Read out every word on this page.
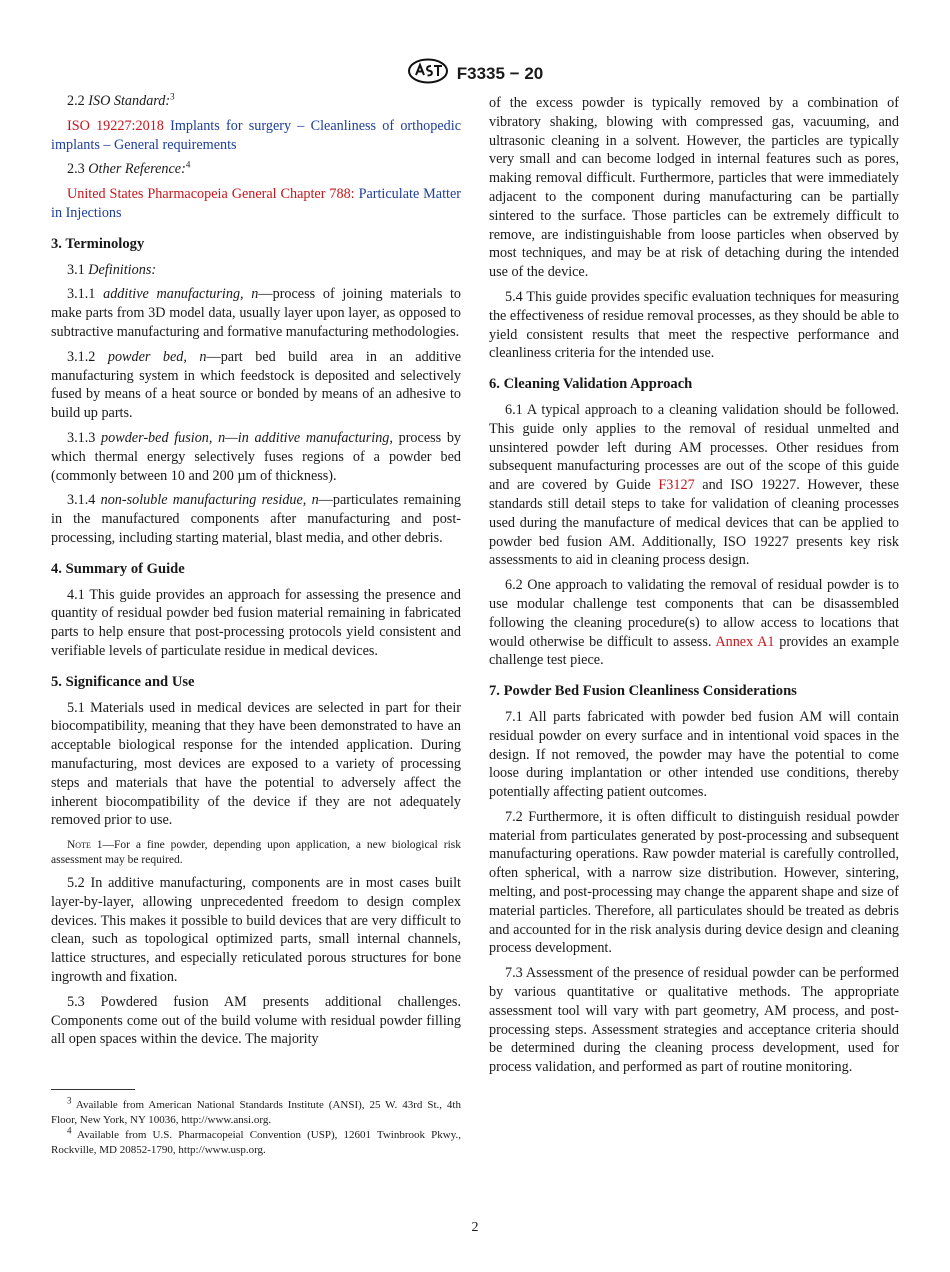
F3335 − 20

2.2 ISO Standard:$^3$

ISO 19227:2018 Implants for surgery – Cleanliness of orthopedic implants – General requirements

2.3 Other Reference:$^4$

United States Pharmacopeia General Chapter 788: Particulate Matter in Injections

3. Terminology

3.1 Definitions:

3.1.1 additive manufacturing, n—process of joining materials to make parts from 3D model data, usually layer upon layer, as opposed to subtractive manufacturing and formative manufacturing methodologies.

3.1.2 powder bed, n—part bed build area in an additive manufacturing system in which feedstock is deposited and selectively fused by means of a heat source or bonded by means of an adhesive to build up parts.

3.1.3 powder-bed fusion, n—in additive manufacturing, process by which thermal energy selectively fuses regions of a powder bed (commonly between 10 and 200 µm of thickness).

3.1.4 non-soluble manufacturing residue, n—particulates remaining in the manufactured components after manufacturing and post-processing, including starting material, blast media, and other debris.

4. Summary of Guide

4.1 This guide provides an approach for assessing the presence and quantity of residual powder bed fusion material remaining in fabricated parts to help ensure that post-processing protocols yield consistent and verifiable levels of particulate residue in medical devices.

5. Significance and Use

5.1 Materials used in medical devices are selected in part for their biocompatibility, meaning that they have been demonstrated to have an acceptable biological response for the intended application. During manufacturing, most devices are exposed to a variety of processing steps and materials that have the potential to adversely affect the inherent biocompatibility of the device if they are not adequately removed prior to use.

Note 1—For a fine powder, depending upon application, a new biological risk assessment may be required.

5.2 In additive manufacturing, components are in most cases built layer-by-layer, allowing unprecedented freedom to design complex devices. This makes it possible to build devices that are very difficult to clean, such as topological optimized parts, small internal channels, lattice structures, and especially reticulated porous structures for bone ingrowth and fixation.

5.3 Powdered fusion AM presents additional challenges. Components come out of the build volume with residual powder filling all open spaces within the device. The majority

$^3$ Available from American National Standards Institute (ANSI), 25 W. 43rd St., 4th Floor, New York, NY 10036, http://www.ansi.org.
$^4$ Available from U.S. Pharmacopeial Convention (USP), 12601 Twinbrook Pkwy., Rockville, MD 20852-1790, http://www.usp.org.

of the excess powder is typically removed by a combination of vibratory shaking, blowing with compressed gas, vacuuming, and ultrasonic cleaning in a solvent. However, the particles are typically very small and can become lodged in internal features such as pores, making removal difficult. Furthermore, particles that were immediately adjacent to the component during manufacturing can be partially sintered to the surface. Those particles can be extremely difficult to remove, are indistinguishable from loose particles when observed by most techniques, and may be at risk of detaching during the intended use of the device.

5.4 This guide provides specific evaluation techniques for measuring the effectiveness of residue removal processes, as they should be able to yield consistent results that meet the respective performance and cleanliness criteria for the intended use.

6. Cleaning Validation Approach

6.1 A typical approach to a cleaning validation should be followed. This guide only applies to the removal of residual unmelted and unsintered powder left during AM processes. Other residues from subsequent manufacturing processes are out of the scope of this guide and are covered by Guide F3127 and ISO 19227. However, these standards still detail steps to take for validation of cleaning processes used during the manufacture of medical devices that can be applied to powder bed fusion AM. Additionally, ISO 19227 presents key risk assessments to aid in cleaning process design.

6.2 One approach to validating the removal of residual powder is to use modular challenge test components that can be disassembled following the cleaning procedure(s) to allow access to locations that would otherwise be difficult to assess. Annex A1 provides an example challenge test piece.

7. Powder Bed Fusion Cleanliness Considerations

7.1 All parts fabricated with powder bed fusion AM will contain residual powder on every surface and in intentional void spaces in the design. If not removed, the powder may have the potential to come loose during implantation or other intended use conditions, thereby potentially affecting patient outcomes.

7.2 Furthermore, it is often difficult to distinguish residual powder material from particulates generated by post-processing and subsequent manufacturing operations. Raw powder material is carefully controlled, often spherical, with a narrow size distribution. However, sintering, melting, and post-processing may change the apparent shape and size of material particles. Therefore, all particulates should be treated as debris and accounted for in the risk analysis during device design and cleaning process development.

7.3 Assessment of the presence of residual powder can be performed by various quantitative or qualitative methods. The appropriate assessment tool will vary with part geometry, AM process, and post-processing steps. Assessment strategies and acceptance criteria should be determined during the cleaning process development, used for process validation, and performed as part of routine monitoring.

2
